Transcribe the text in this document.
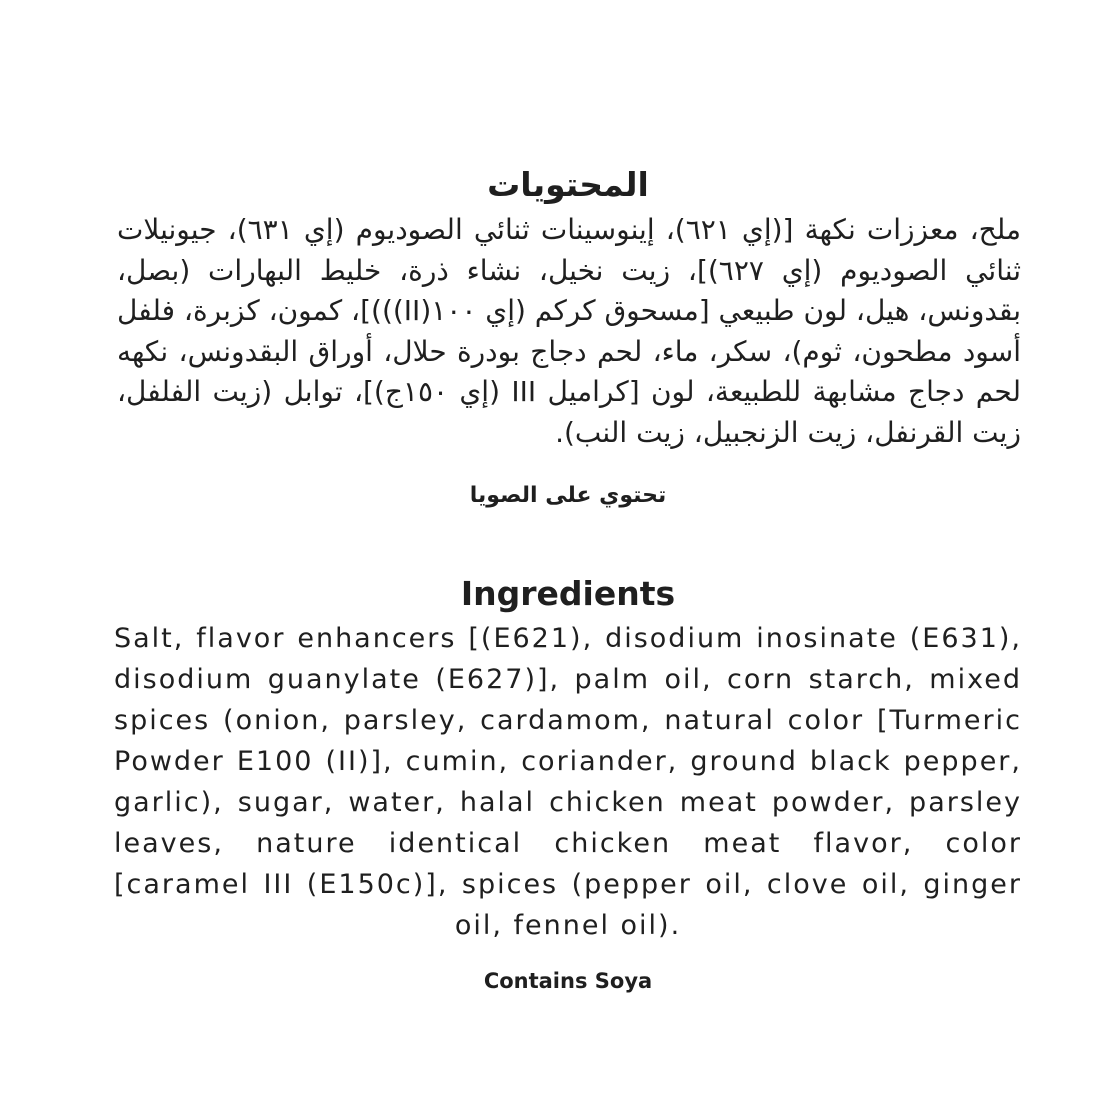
المحتويات

ملح، معززات نكهة [(إي ٦٢١)، إينوسينات ثنائي الصوديوم (إي ٦٣١)، جيونيلات ثنائي الصوديوم (إي ٦٢٧)]، زيت نخيل، نشاء ذرة، خليط البهارات (بصل، بقدونس، هيل، لون طبيعي [مسحوق كركم (إي ١٠٠(II)))]، كمون، كزبرة، فلفل أسود مطحون، ثوم)، سكر، ماء، لحم دجاج بودرة حلال، أوراق البقدونس، نكهه لحم دجاج مشابهة للطبيعة، لون [كراميل III (إي ١٥٠ج)]، توابل (زيت الفلفل، زيت القرنفل، زيت الزنجبيل، زيت النب).

تحتوي على الصويا
Ingredients

Salt, flavor enhancers [(E621), disodium inosinate (E631), disodium guanylate (E627)], palm oil, corn starch, mixed spices (onion, parsley, cardamom, natural color [Turmeric Powder E100 (II)], cumin, coriander, ground black pepper, garlic), sugar, water, halal chicken meat powder, parsley leaves, nature identical chicken meat flavor, color [caramel III (E150c)], spices (pepper oil, clove oil, ginger oil, fennel oil).

Contains Soya
